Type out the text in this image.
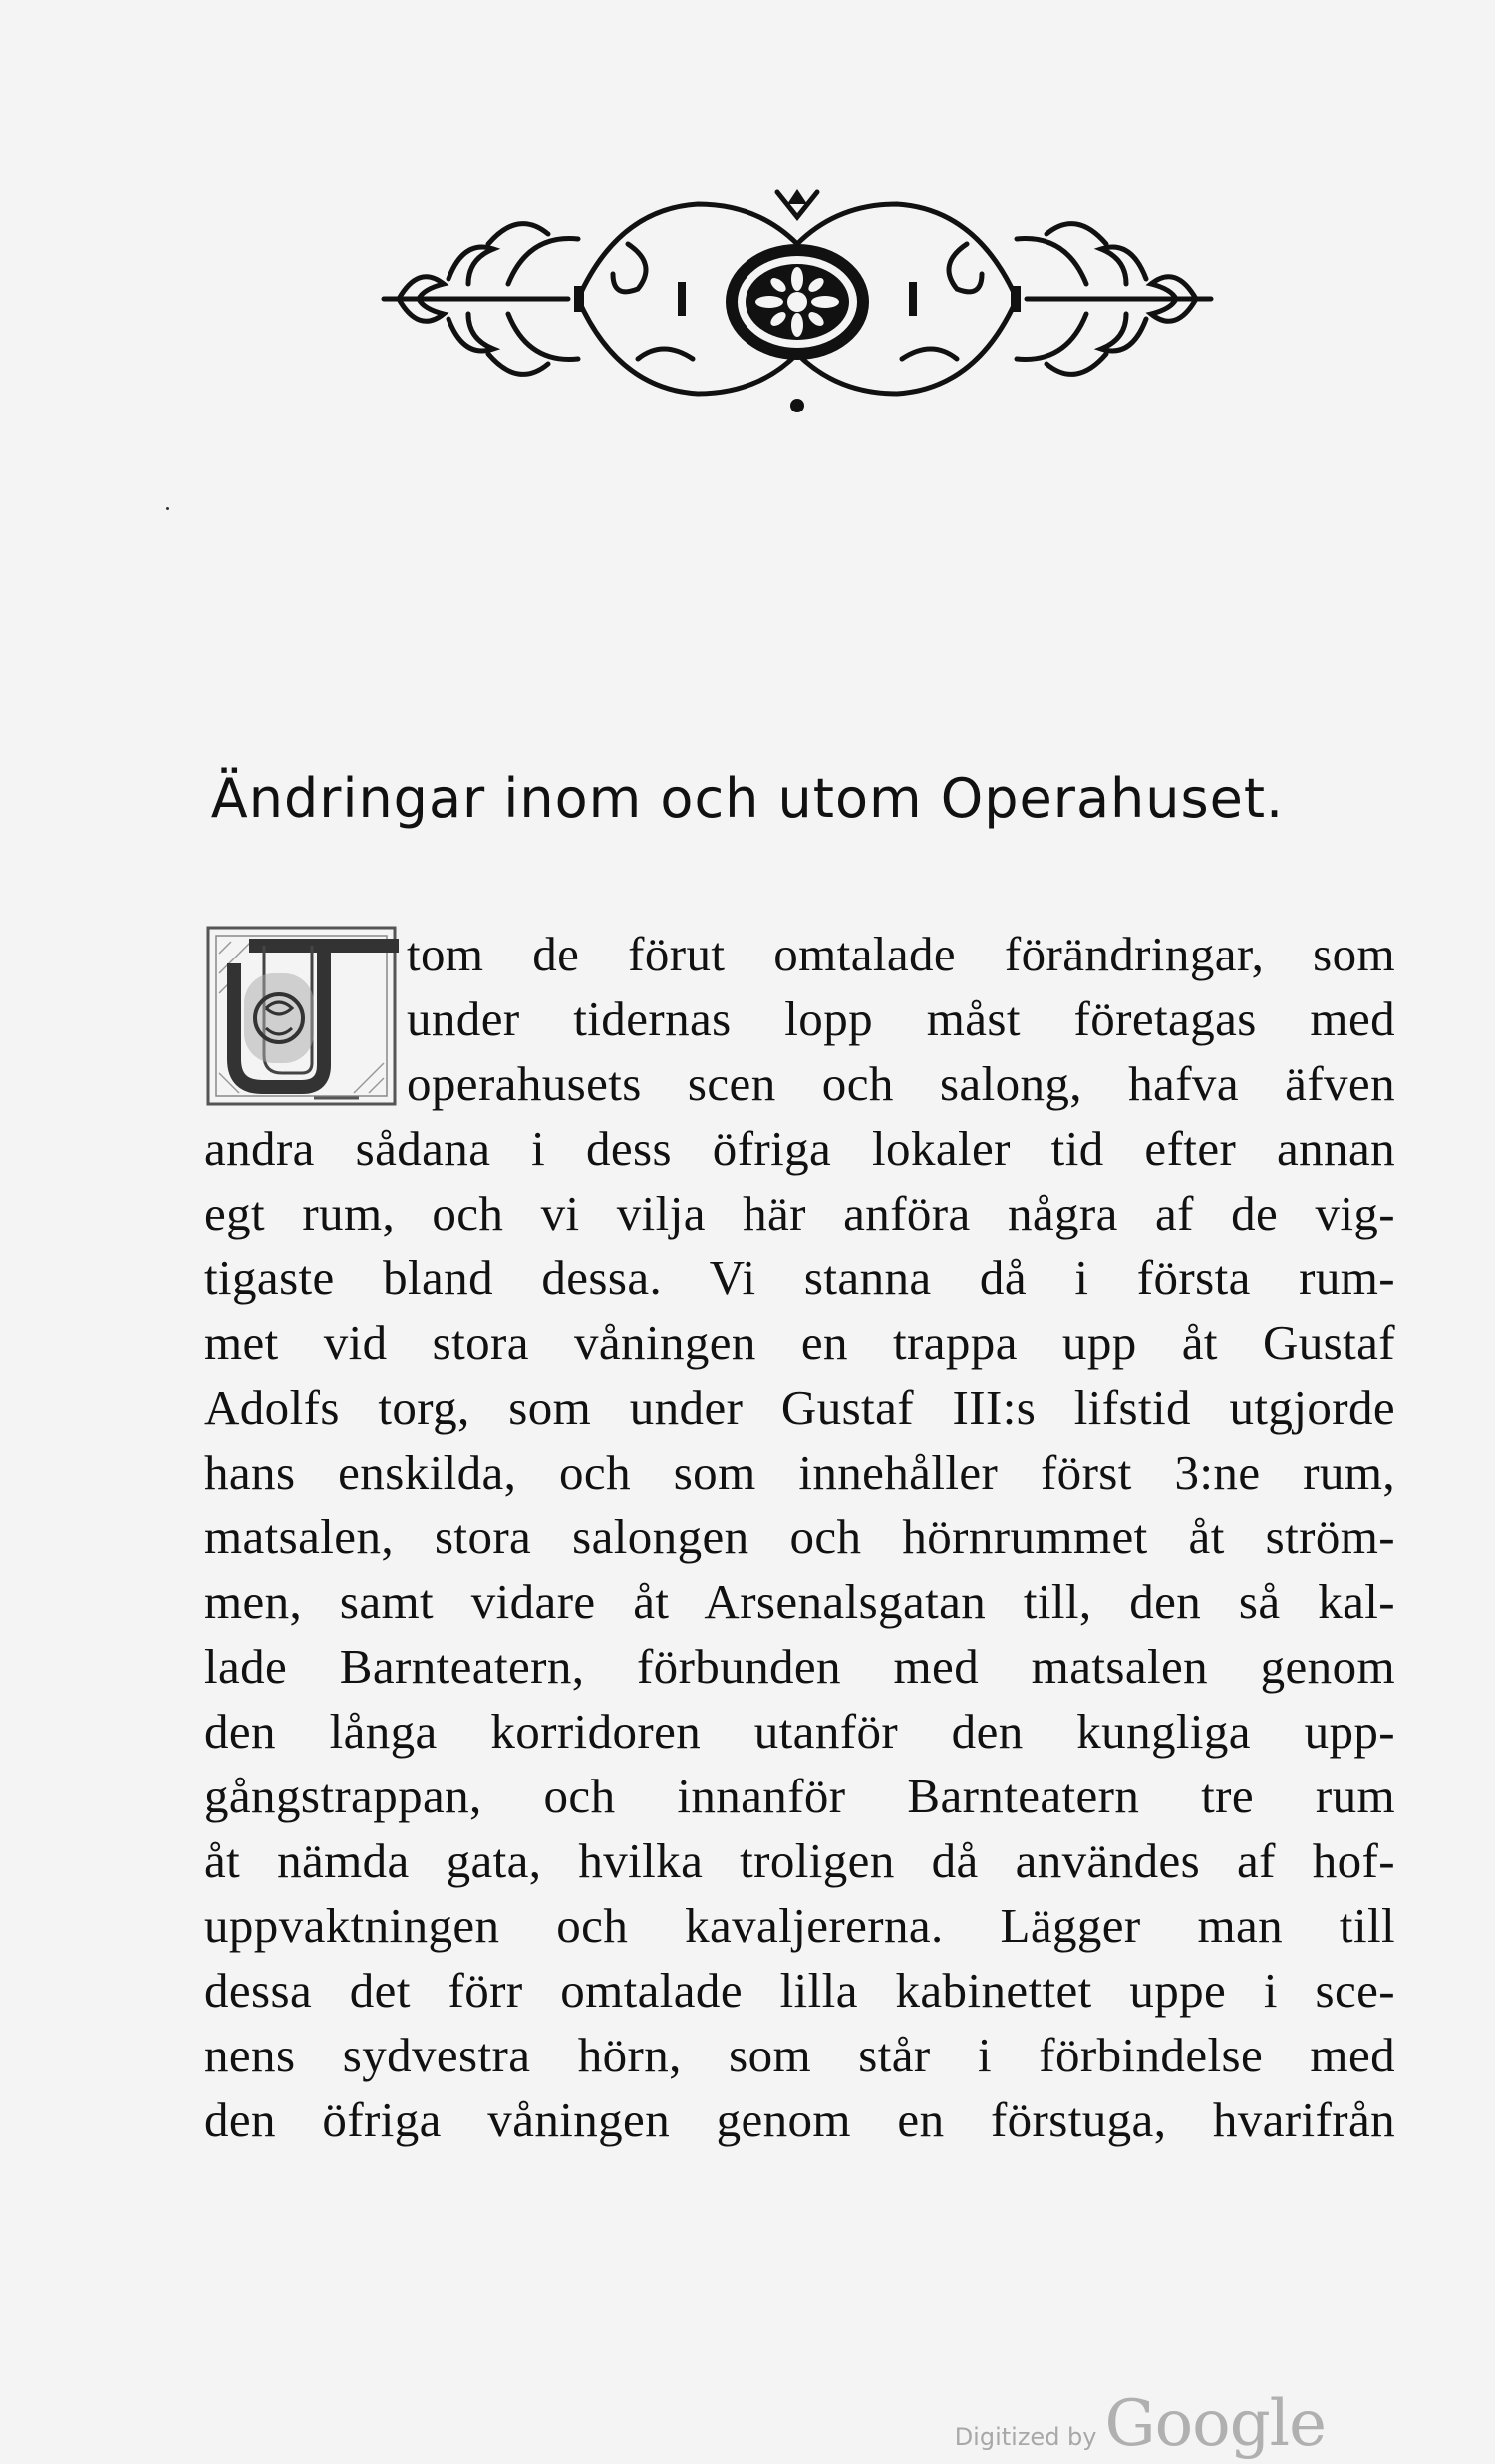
Ändringar inom och utom Operahuset.
tom de förut omtalade förändringar, som
under tidernas lopp måst företagas med
operahusets scen och salong, hafva äfven
andra sådana i dess öfriga lokaler tid efter annan
egt rum, och vi vilja här anföra några af de vig-
tigaste bland dessa. Vi stanna då i första rum-
met vid stora våningen en trappa upp åt Gustaf
Adolfs torg, som under Gustaf III:s lifstid utgjorde
hans enskilda, och som innehåller först 3:ne rum,
matsalen, stora salongen och hörnrummet åt ström-
men, samt vidare åt Arsenalsgatan till, den så kal-
lade Barnteatern, förbunden med matsalen genom
den långa korridoren utanför den kungliga upp-
gångstrappan, och innanför Barnteatern tre rum
åt nämda gata, hvilka troligen då användes af hof-
uppvaktningen och kavaljererna. Lägger man till
dessa det förr omtalade lilla kabinettet uppe i sce-
nens sydvestra hörn, som står i förbindelse med
den öfriga våningen genom en förstuga, hvarifrån
Digitized by Google
